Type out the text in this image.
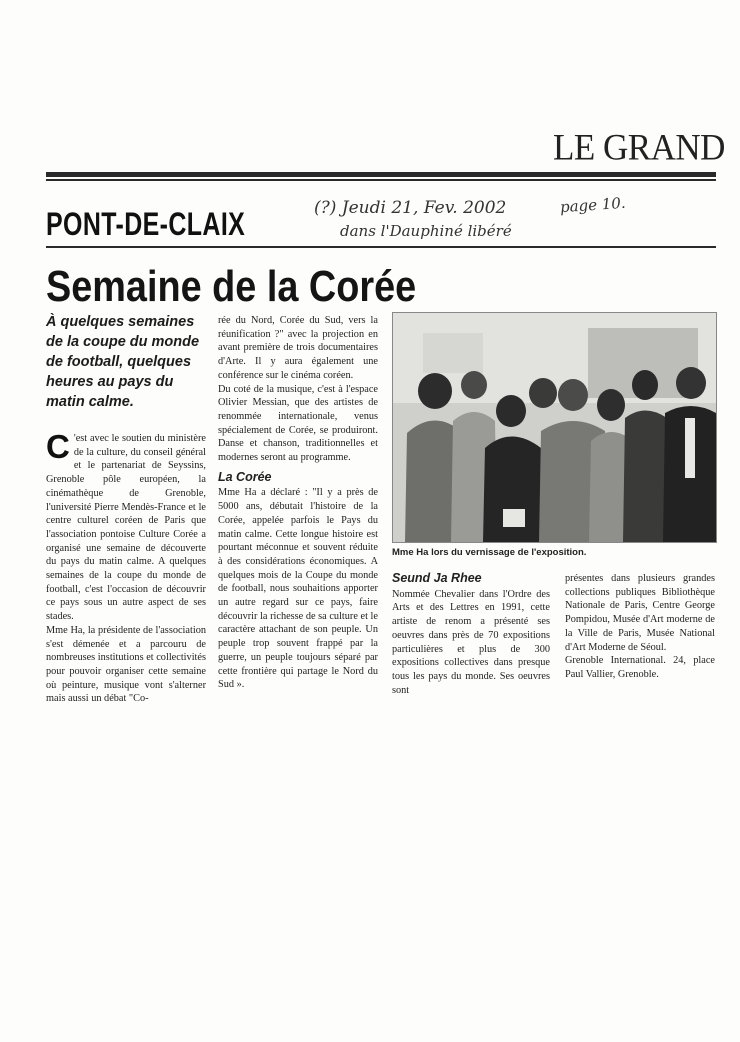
LE GRAND
PONT-DE-CLAIX	(?) Jeudi 21, Fev. 2002
dans l'Dauphiné libéré
page 10.
Semaine de la Corée
À quelques semaines de la coupe du monde de football, quelques heures au pays du matin calme.
C 'est avec le soutien du ministère de la culture, du conseil général et le partenariat de Seyssins, Grenoble pôle européen, la cinémathèque de Grenoble, l'université Pierre Mendès-France et le centre culturel coréen de Paris que l'association pontoise Culture Corée a organisé une semaine de découverte du pays du matin calme. A quelques semaines de la coupe du monde de football, c'est l'occasion de découvrir ce pays sous un autre aspect de ses stades.

Mme Ha, la présidente de l'association s'est démenée et a parcouru de nombreuses institutions et collectivités pour pouvoir organiser cette semaine où peinture, musique vont s'alterner mais aussi un débat "Co-

rée du Nord, Corée du Sud, vers la réunification ?" avec la projection en avant première de trois documentaires d'Arte. Il y aura également une conférence sur le cinéma coréen.

Du coté de la musique, c'est à l'espace Olivier Messian, que des artistes de renommée internationale, venus spécialement de Corée, se produiront. Danse et chanson, traditionnelles et modernes seront au programme.

La Corée

Mme Ha a déclaré : "Il y a près de 5000 ans, débutait l'histoire de la Corée, appelée parfois le Pays du matin calme. Cette longue histoire est pourtant méconnue et souvent réduite à des considérations économiques. A quelques mois de la Coupe du monde de football, nous souhaitions apporter un autre regard sur ce pays, faire découvrir la richesse de sa culture et le caractère attachant de son peuple. Un peuple trop souvent frappé par la guerre, un peuple toujours séparé par cette frontière qui partage le Nord du Sud ».

Mme Ha lors du vernissage de l'exposition.
Seund Ja Rhee

Nommée Chevalier dans l'Ordre des Arts et des Lettres en 1991, cette artiste de renom a présenté ses oeuvres dans près de 70 expositions particulières et plus de 300 expositions collectives dans presque tous les pays du monde. Ses oeuvres sont

présentes dans plusieurs grandes collections publiques Bibliothèque Nationale de Paris, Centre George Pompidou, Musée d'Art moderne de la Ville de Paris, Musée National d'Art Moderne de Séoul.

Grenoble International. 24, place Paul Vallier, Grenoble.
